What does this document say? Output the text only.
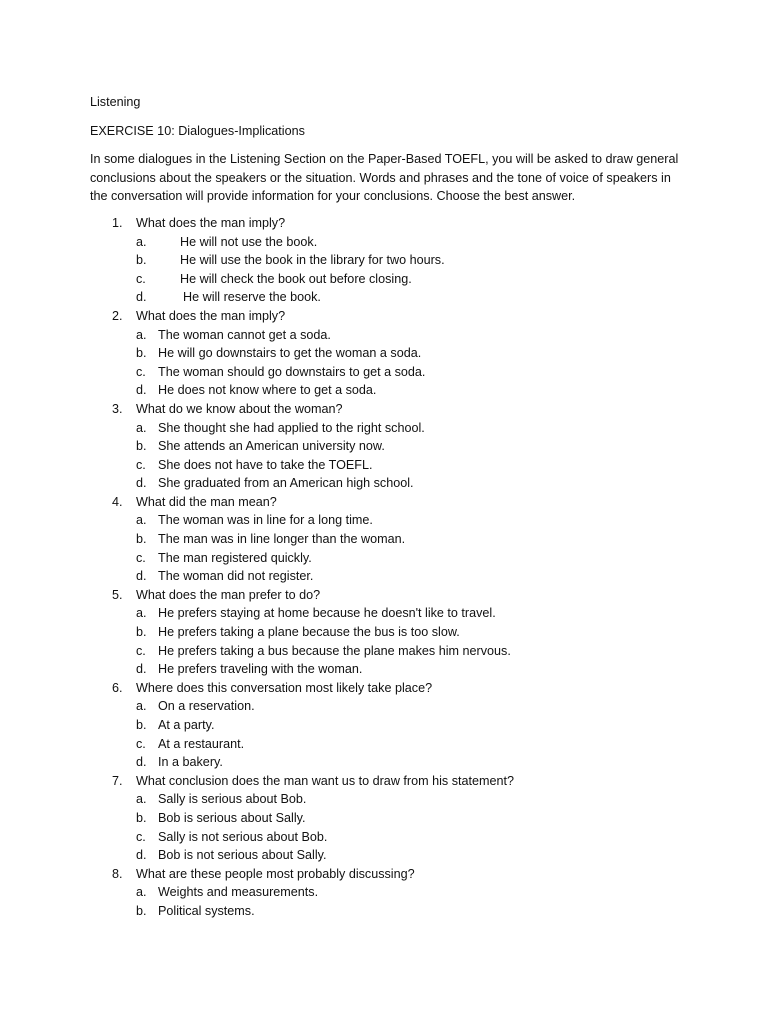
Listening

EXERCISE 10: Dialogues-Implications

In some dialogues in the Listening Section on the Paper-Based TOEFL, you will be asked to draw general conclusions about the speakers or the situation. Words and phrases and the tone of voice of speakers in the conversation will provide information for your conclusions. Choose the best answer.

1. What does the man imply?
a.	He will not use the book.
b.	He will use the book in the library for two hours.
c.	He will check the book out before closing.
d.	He will reserve the book.
2. What does the man imply?
a. The woman cannot get a soda.
b. He will go downstairs to get the woman a soda.
c. The woman should go downstairs to get a soda.
d. He does not know where to get a soda.
3. What do we know about the woman?
a. She thought she had applied to the right school.
b. She attends an American university now.
c. She does not have to take the TOEFL.
d. She graduated from an American high school.
4. What did the man mean?
a. The woman was in line for a long time.
b. The man was in line longer than the woman.
c. The man registered quickly.
d. The woman did not register.
5. What does the man prefer to do?
a. He prefers staying at home because he doesn't like to travel.
b. He prefers taking a plane because the bus is too slow.
c. He prefers taking a bus because the plane makes him nervous.
d. He prefers traveling with the woman.
6. Where does this conversation most likely take place?
a. On a reservation.
b. At a party.
c. At a restaurant.
d. In a bakery.
7. What conclusion does the man want us to draw from his statement?
a. Sally is serious about Bob.
b. Bob is serious about Sally.
c. Sally is not serious about Bob.
d. Bob is not serious about Sally.
8. What are these people most probably discussing?
a. Weights and measurements.
b. Political systems.
